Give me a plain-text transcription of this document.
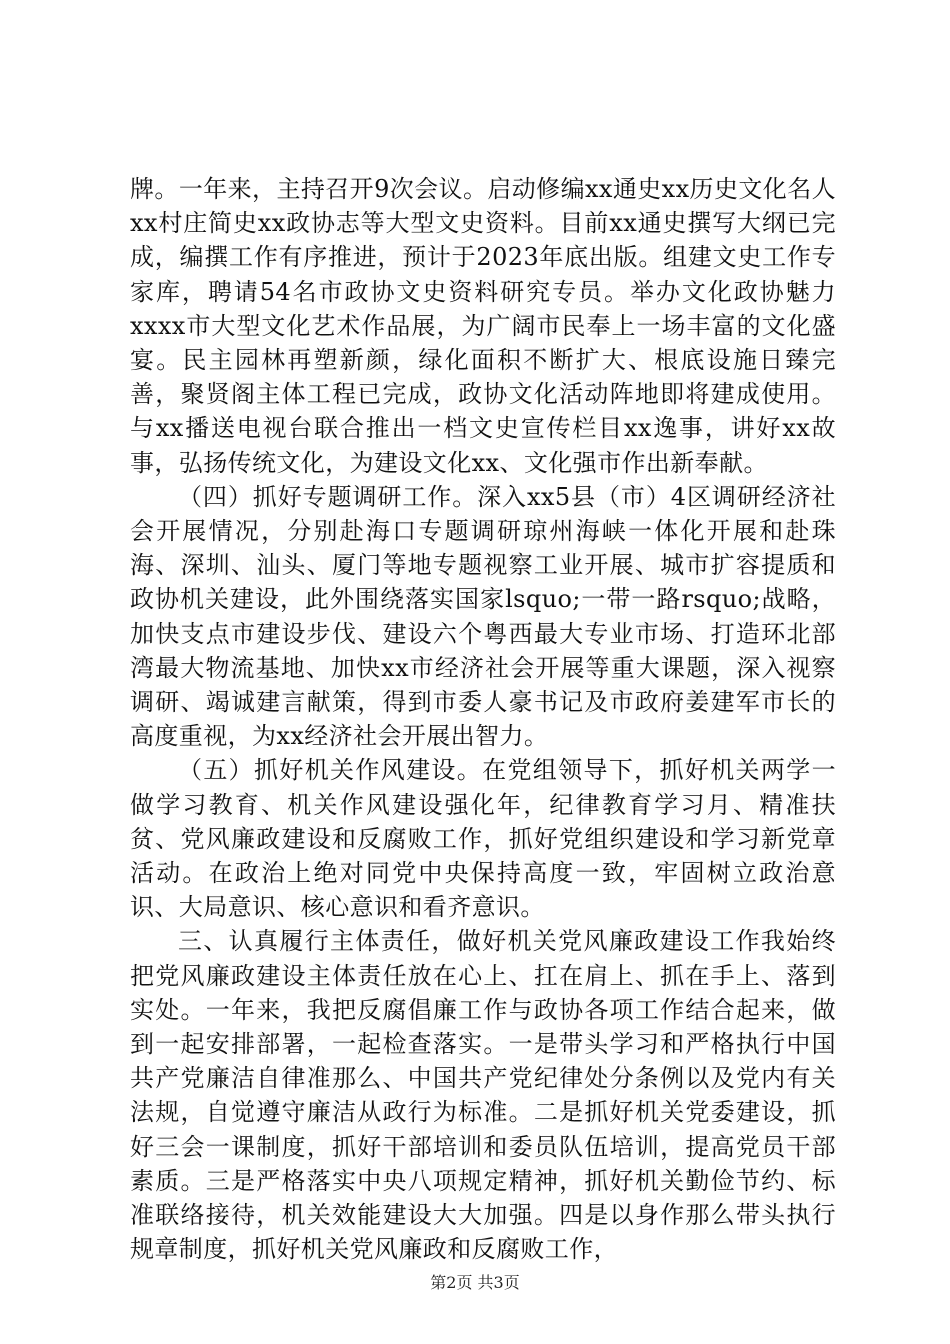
牌。一年来，主持召开9次会议。启动修编xx通史xx历史文化名人xx村庄简史xx政协志等大型文史资料。目前xx通史撰写大纲已完成，编撰工作有序推进，预计于2023年底出版。组建文史工作专家库，聘请54名市政协文史资料研究专员。举办文化政协魅力xxxx市大型文化艺术作品展，为广阔市民奉上一场丰富的文化盛宴。民主园林再塑新颜，绿化面积不断扩大、根底设施日臻完善，聚贤阁主体工程已完成，政协文化活动阵地即将建成使用。与xx播送电视台联合推出一档文史宣传栏目xx逸事，讲好xx故事，弘扬传统文化，为建设文化xx、文化强市作出新奉献。

（四）抓好专题调研工作。深入xx5县（市）4区调研经济社会开展情况，分别赴海口专题调研琼州海峡一体化开展和赴珠海、深圳、汕头、厦门等地专题视察工业开展、城市扩容提质和政协机关建设，此外围绕落实国家lsquo;一带一路rsquo;战略，加快支点市建设步伐、建设六个粤西最大专业市场、打造环北部湾最大物流基地、加快xx市经济社会开展等重大课题，深入视察调研、竭诚建言献策，得到市委人豪书记及市政府姜建军市长的高度重视，为xx经济社会开展出智力。

（五）抓好机关作风建设。在党组领导下，抓好机关两学一做学习教育、机关作风建设强化年，纪律教育学习月、精准扶贫、党风廉政建设和反腐败工作，抓好党组织建设和学习新党章活动。在政治上绝对同党中央保持高度一致，牢固树立政治意识、大局意识、核心意识和看齐意识。

三、认真履行主体责任，做好机关党风廉政建设工作我始终把党风廉政建设主体责任放在心上、扛在肩上、抓在手上、落到实处。一年来，我把反腐倡廉工作与政协各项工作结合起来，做到一起安排部署，一起检查落实。一是带头学习和严格执行中国共产党廉洁自律准那么、中国共产党纪律处分条例以及党内有关法规，自觉遵守廉洁从政行为标准。二是抓好机关党委建设，抓好三会一课制度，抓好干部培训和委员队伍培训，提高党员干部素质。三是严格落实中央八项规定精神，抓好机关勤俭节约、标准联络接待，机关效能建设大大加强。四是以身作那么带头执行规章制度，抓好机关党风廉政和反腐败工作，

第2页 共3页
